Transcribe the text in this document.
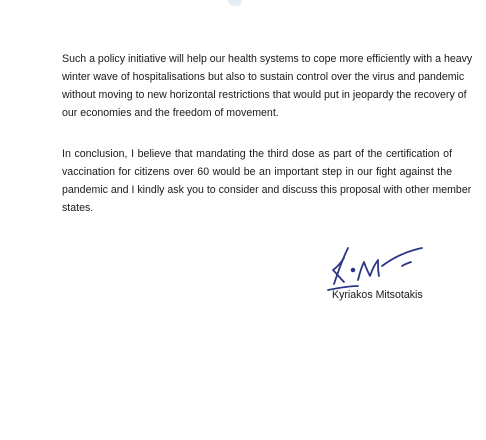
Such a policy initiative will help our health systems to cope more efficiently with a heavy
winter wave of hospitalisations but also to sustain control over the virus and pandemic
without moving to new horizontal restrictions that would put in jeopardy the recovery of
our economies and the freedom of movement.

In conclusion, I believe that mandating the third dose as part of the certification of
vaccination for citizens over 60 would be an important step in our fight against the
pandemic and I kindly ask you to consider and discuss this proposal with other member
states.

Kyriakos Mitsotakis
